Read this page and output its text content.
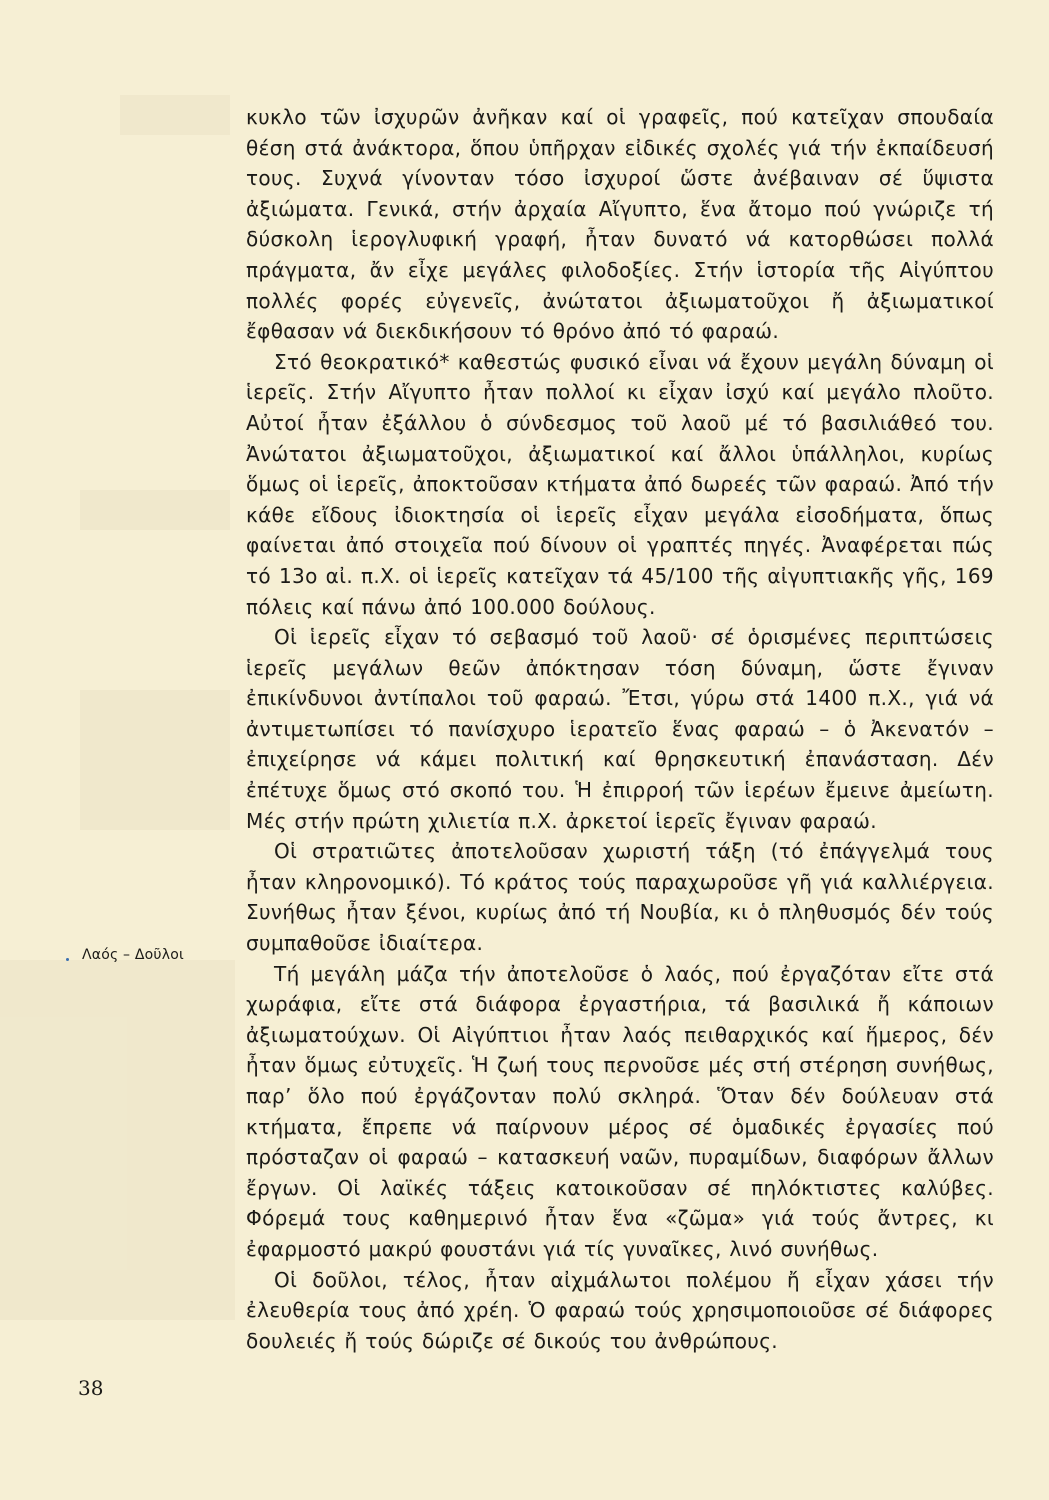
κυκλο τῶν ἰσχυρῶν ἀνῆκαν καί οἱ γραφεῖς, πού κατεῖχαν σπουδαία θέση στά ἀνάκτορα, ὅπου ὑπῆρχαν εἰδικές σχολές γιά τήν ἐκπαίδευσή τους. Συχνά γίνονταν τόσο ἰσχυροί ὥστε ἀνέβαιναν σέ ὕψιστα ἀξιώματα. Γενικά, στήν ἀρχαία Αἴγυπτο, ἕνα ἄτομο πού γνώριζε τή δύσκολη ἱερογλυφική γραφή, ἦταν δυνατό νά κατορθώσει πολλά πράγματα, ἄν εἶχε μεγάλες φιλοδοξίες. Στήν ἱστορία τῆς Αἰγύπτου πολλές φορές εὐγενεῖς, ἀνώτατοι ἀξιωματοῦχοι ἤ ἀξιωματικοί ἔφθασαν νά διεκδικήσουν τό θρόνο ἀπό τό φαραώ.

Στό θεοκρατικό* καθεστώς φυσικό εἶναι νά ἔχουν μεγάλη δύναμη οἱ ἱερεῖς. Στήν Αἴγυπτο ἦταν πολλοί κι εἶχαν ἰσχύ καί μεγάλο πλοῦτο. Αὐτοί ἦταν ἐξάλλου ὁ σύνδεσμος τοῦ λαοῦ μέ τό βασιλιάθεό του. Ἀνώτατοι ἀξιωματοῦχοι, ἀξιωματικοί καί ἄλλοι ὑπάλληλοι, κυρίως ὅμως οἱ ἱερεῖς, ἀποκτοῦσαν κτήματα ἀπό δωρεές τῶν φαραώ. Ἀπό τήν κάθε εἴδους ἰδιοκτησία οἱ ἱερεῖς εἶχαν μεγάλα εἰσοδήματα, ὅπως φαίνεται ἀπό στοιχεῖα πού δίνουν οἱ γραπτές πηγές. Ἀναφέρεται πώς τό 13ο αἰ. π.Χ. οἱ ἱερεῖς κατεῖχαν τά 45/100 τῆς αἰγυπτιακῆς γῆς, 169 πόλεις καί πάνω ἀπό 100.000 δούλους.

Οἱ ἱερεῖς εἶχαν τό σεβασμό τοῦ λαοῦ· σέ ὁρισμένες περιπτώσεις ἱερεῖς μεγάλων θεῶν ἀπόκτησαν τόση δύναμη, ὥστε ἔγιναν ἐπικίνδυνοι ἀντίπαλοι τοῦ φαραώ. Ἔτσι, γύρω στά 1400 π.Χ., γιά νά ἀντιμετωπίσει τό πανίσχυρο ἱερατεῖο ἕνας φαραώ – ὁ Ἀκενατόν – ἐπιχείρησε νά κάμει πολιτική καί θρησκευτική ἐπανάσταση. Δέν ἐπέτυχε ὅμως στό σκοπό του. Ἡ ἐπιρροή τῶν ἱερέων ἔμεινε ἀμείωτη. Μές στήν πρώτη χιλιετία π.Χ. ἀρκετοί ἱερεῖς ἔγιναν φαραώ.

Οἱ στρατιῶτες ἀποτελοῦσαν χωριστή τάξη (τό ἐπάγγελμά τους ἦταν κληρονομικό). Τό κράτος τούς παραχωροῦσε γῆ γιά καλλιέργεια. Συνήθως ἦταν ξένοι, κυρίως ἀπό τή Νουβία, κι ὁ πληθυσμός δέν τούς συμπαθοῦσε ἰδιαίτερα.

Τή μεγάλη μάζα τήν ἀποτελοῦσε ὁ λαός, πού ἐργαζόταν εἴτε στά χωράφια, εἴτε στά διάφορα ἐργαστήρια, τά βασιλικά ἤ κάποιων ἀξιωματούχων. Οἱ Αἰγύπτιοι ἦταν λαός πειθαρχικός καί ἥμερος, δέν ἦταν ὅμως εὐτυχεῖς. Ἡ ζωή τους περνοῦσε μές στή στέρηση συνήθως, παρ’ ὅλο πού ἐργάζονταν πολύ σκληρά. Ὅταν δέν δούλευαν στά κτήματα, ἔπρεπε νά παίρνουν μέρος σέ ὁμαδικές ἐργασίες πού πρόσταζαν οἱ φαραώ – κατασκευή ναῶν, πυραμίδων, διαφόρων ἄλλων ἔργων. Οἱ λαϊκές τάξεις κατοικοῦσαν σέ πηλόκτιστες καλύβες. Φόρεμά τους καθημερινό ἦταν ἕνα «ζῶμα» γιά τούς ἄντρες, κι ἐφαρμοστό μακρύ φουστάνι γιά τίς γυναῖκες, λινό συνήθως.

Οἱ δοῦλοι, τέλος, ἦταν αἰχμάλωτοι πολέμου ἤ εἶχαν χάσει τήν ἐλευθερία τους ἀπό χρέη. Ὁ φαραώ τούς χρησιμοποιοῦσε σέ διάφορες δουλειές ἤ τούς δώριζε σέ δικούς του ἀνθρώπους.

Λαός – Δοῦλοι
38
